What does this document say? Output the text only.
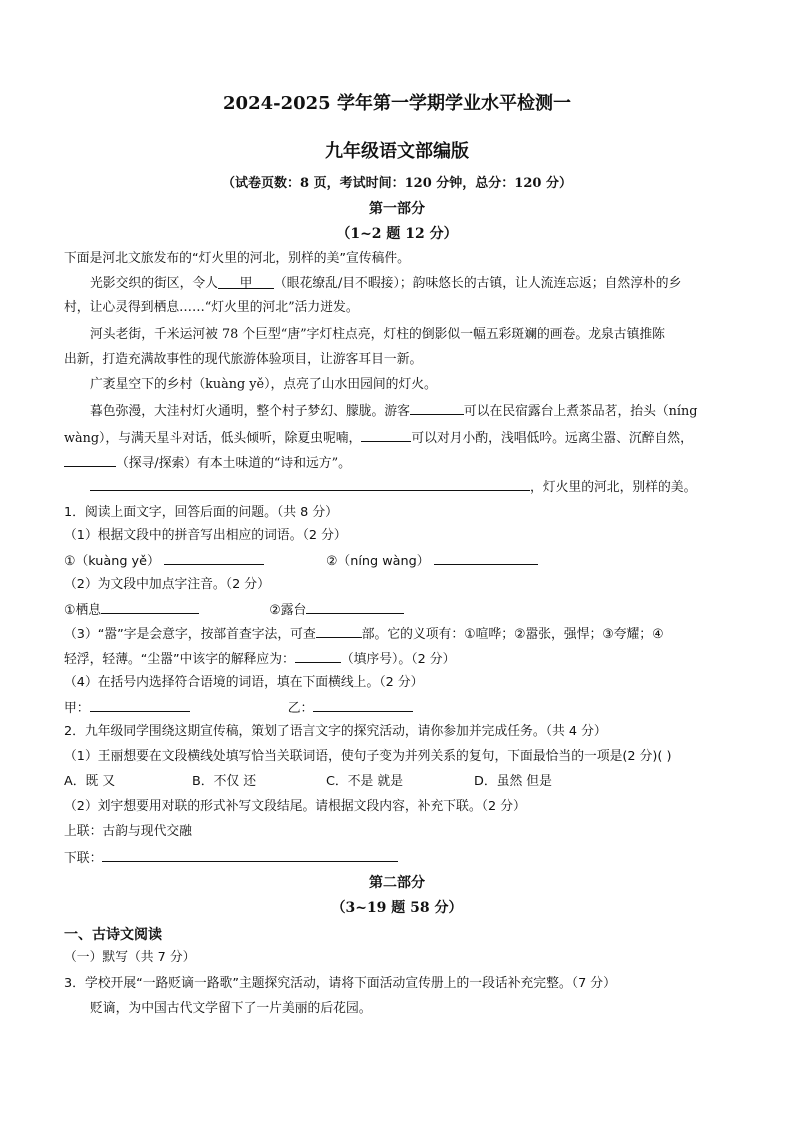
2024-2025 学年第一学期学业水平检测一
九年级语文部编版
（试卷页数：8 页，考试时间：120 分钟，总分：120 分）
第一部分
（1~2 题 12 分）
下面是河北文旅发布的“灯火里的河北，别样的美”宣传稿件。
光影交织的街区，令人 甲 （眼花缭乱/目不暇接）；韵味悠长的古镇，让人流连忘返；自然淳朴的乡
村，让心灵得到栖息……“灯火里的河北”活力迸发。
河头老街，千米运河被 78 个巨型“唐”字灯柱点亮，灯柱的倒影似一幅五彩斑斓的画卷。龙泉古镇推陈
出新，打造充满故事性的现代旅游体验项目，让游客耳目一新。
广袤星空下的乡村（kuàng yě），点亮了山水田园间的灯火。
暮色弥漫，大洼村灯火通明，整个村子梦幻、朦胧。游客	可以在民宿露台上煮茶品茗，抬头（níng
wàng），与满天星斗对话，低头倾听，除夏虫呢喃，	可以对月小酌，浅唱低吟。远离尘嚣、沉醉自然，
（探寻/探索）有本土味道的“诗和远方”。
，灯火里的河北，别样的美。
1．阅读上面文字，回答后面的问题。（共 8 分）
（1）根据文段中的拼音写出相应的词语。（2 分）
①（kuàng yě）	②（níng wàng）
（2）为文段中加点字注音。（2 分）
①栖息	②露台
（3）“嚣”字是会意字，按部首查字法，可查	部。它的义项有：①喧哗；②嚣张，强悍；③夸耀；④
轻浮，轻薄。“尘嚣”中该字的解释应为：	（填序号）。（2 分）
（4）在括号内选择符合语境的词语，填在下面横线上。（2 分）
甲：	乙：
2．九年级同学围绕这期宣传稿，策划了语言文字的探究活动，请你参加并完成任务。（共 4 分）
（1）王丽想要在文段横线处填写恰当关联词语，使句子变为并列关系的复句，下面最恰当的一项是(2 分)( )
A．既 又	B．不仅 还	C．不是 就是	D．虽然 但是
（2）刘宇想要用对联的形式补写文段结尾。请根据文段内容，补充下联。（2 分）
上联：古韵与现代交融
下联：
第二部分
（3~19 题 58 分）
一、古诗文阅读
（一）默写（共 7 分）
3．学校开展“一路贬谪一路歌”主题探究活动，请将下面活动宣传册上的一段话补充完整。（7 分）
贬谪，为中国古代文学留下了一片美丽的后花园。
